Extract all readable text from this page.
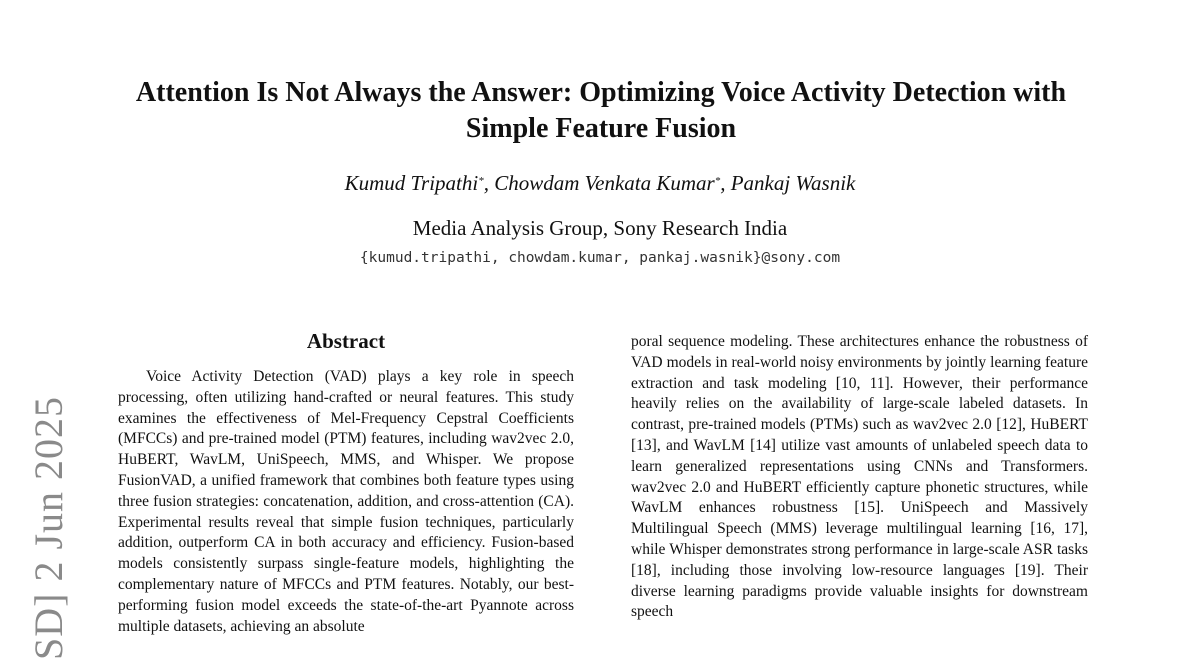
SD] 2 Jun 2025
Attention Is Not Always the Answer: Optimizing Voice Activity Detection with Simple Feature Fusion
Kumud Tripathi*, Chowdam Venkata Kumar*, Pankaj Wasnik
Media Analysis Group, Sony Research India
{kumud.tripathi, chowdam.kumar, pankaj.wasnik}@sony.com
Abstract

Voice Activity Detection (VAD) plays a key role in speech processing, often utilizing hand-crafted or neural features. This study examines the effectiveness of Mel-Frequency Cepstral Coefficients (MFCCs) and pre-trained model (PTM) features, including wav2vec 2.0, HuBERT, WavLM, UniSpeech, MMS, and Whisper. We propose FusionVAD, a unified framework that combines both feature types using three fusion strategies: concatenation, addition, and cross-attention (CA). Experimental results reveal that simple fusion techniques, particularly addition, outperform CA in both accuracy and efficiency. Fusion-based models consistently surpass single-feature models, highlighting the complementary nature of MFCCs and PTM features. Notably, our best-performing fusion model exceeds the state-of-the-art Pyannote across multiple datasets, achieving an absolute

poral sequence modeling. These architectures enhance the robustness of VAD models in real-world noisy environments by jointly learning feature extraction and task modeling [10, 11]. However, their performance heavily relies on the availability of large-scale labeled datasets. In contrast, pre-trained models (PTMs) such as wav2vec 2.0 [12], HuBERT [13], and WavLM [14] utilize vast amounts of unlabeled speech data to learn generalized representations using CNNs and Transformers. wav2vec 2.0 and HuBERT efficiently capture phonetic structures, while WavLM enhances robustness [15]. UniSpeech and Massively Multilingual Speech (MMS) leverage multilingual learning [16, 17], while Whisper demonstrates strong performance in large-scale ASR tasks [18], including those involving low-resource languages [19]. Their diverse learning paradigms provide valuable insights for downstream speech
